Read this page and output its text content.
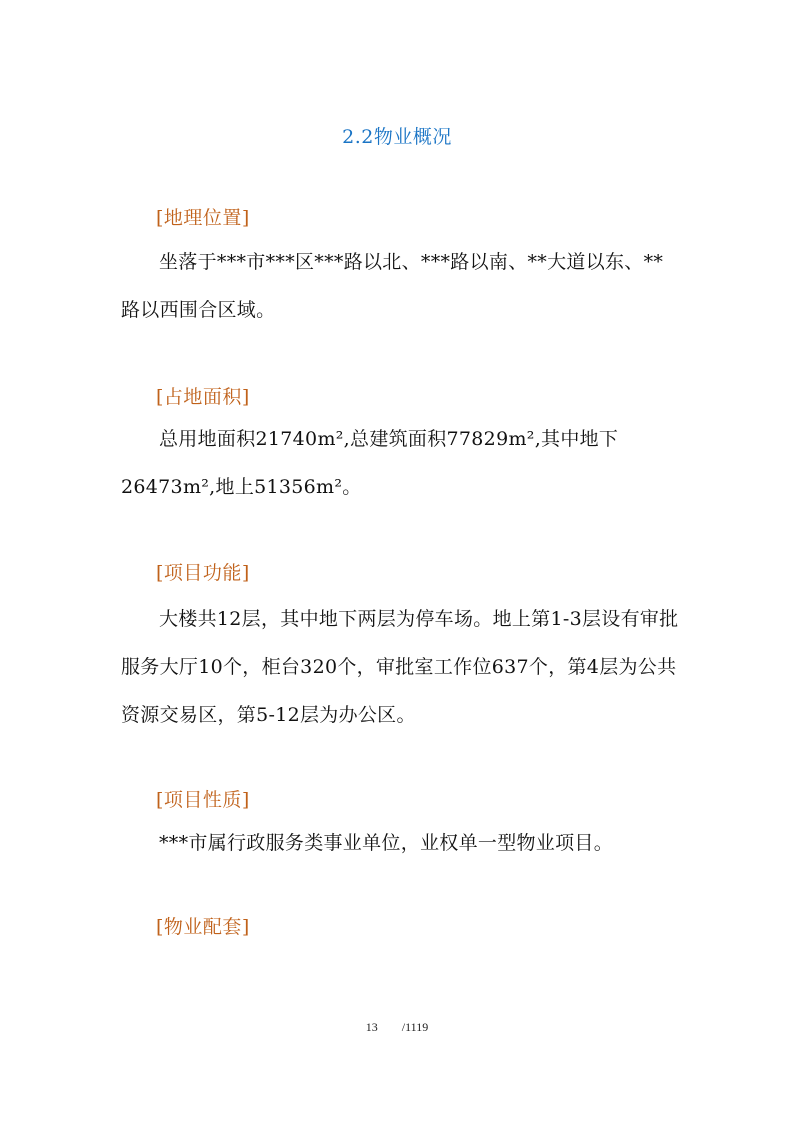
2.2物业概况
[地理位置]

坐落于***市***区***路以北、***路以南、**大道以东、**路以西围合区域。

[占地面积]

总用地面积21740m²,总建筑面积77829m²,其中地下26473m²,地上51356m²。

[项目功能]

大楼共12层，其中地下两层为停车场。地上第1-3层设有审批服务大厅10个，柜台320个，审批室工作位637个，第4层为公共资源交易区，第5-12层为办公区。

[项目性质]

***市属行政服务类事业单位，业权单一型物业项目。

[物业配套]
13 /1119
